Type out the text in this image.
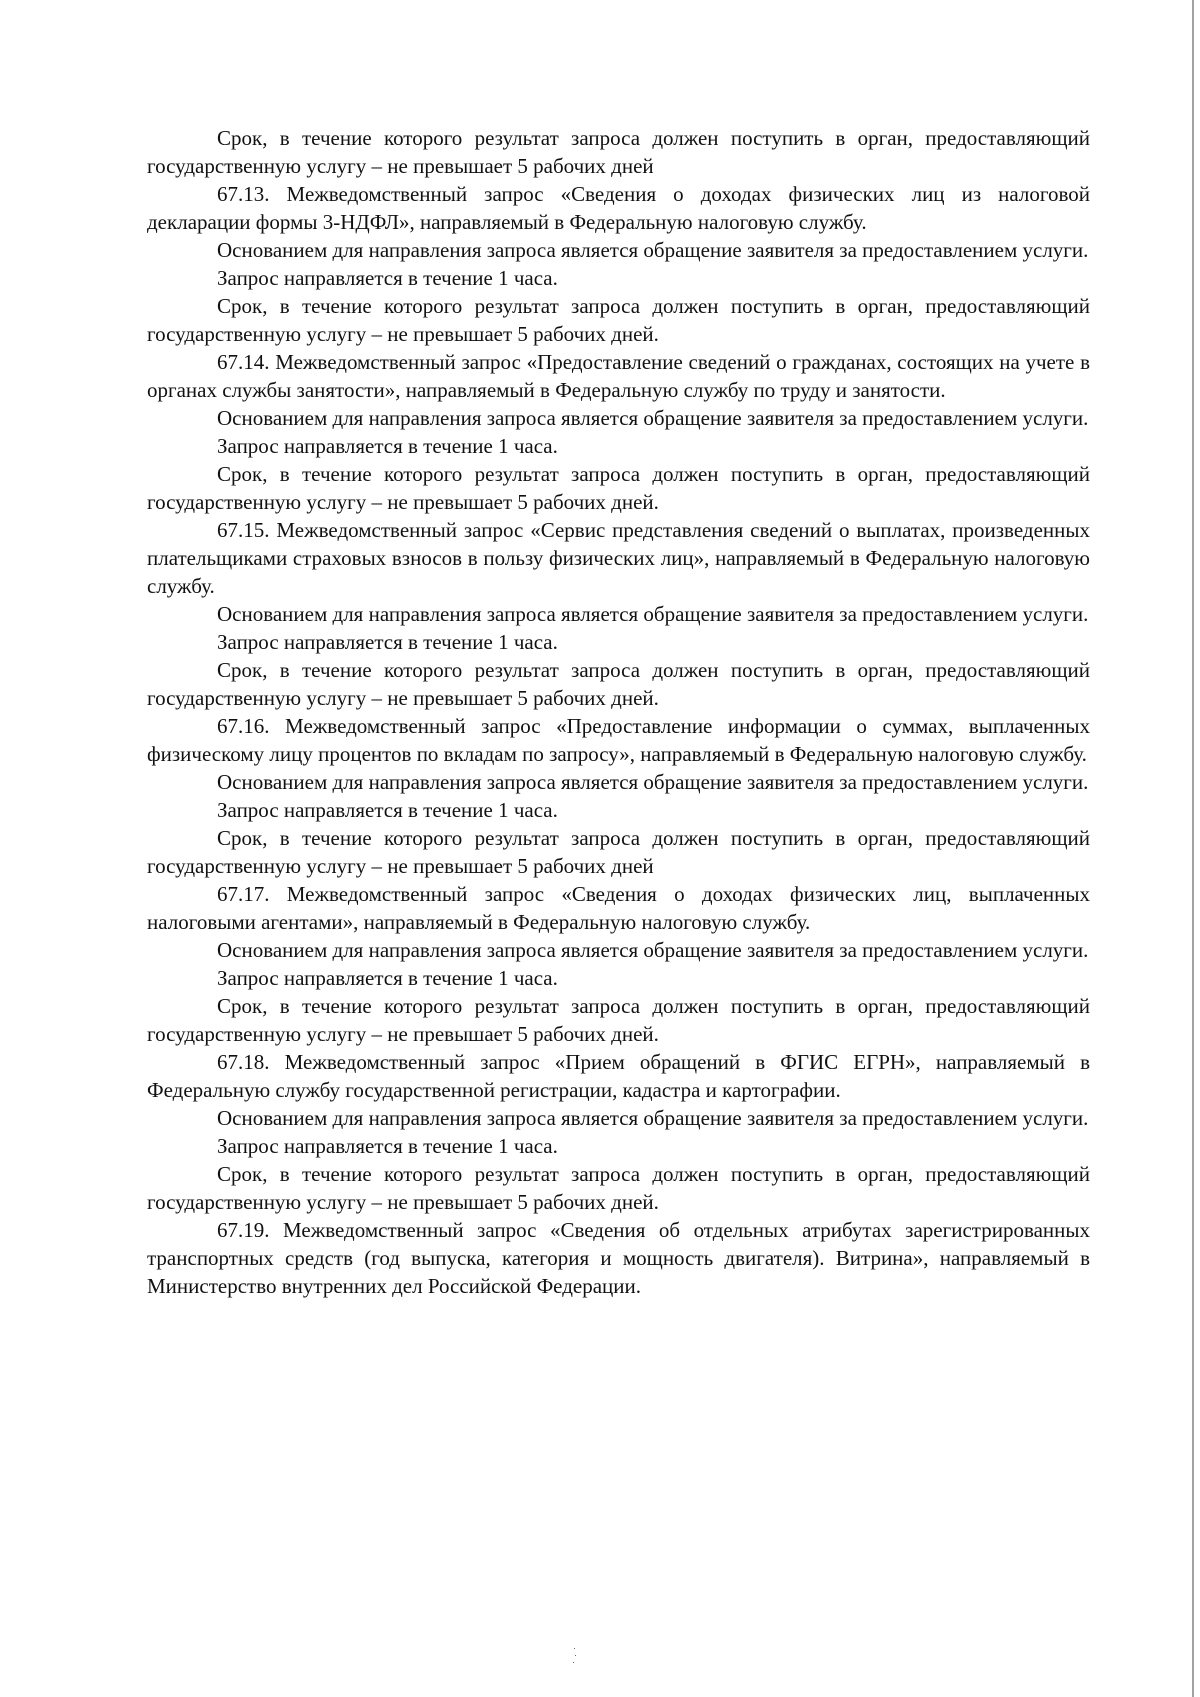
Срок, в течение которого результат запроса должен поступить в орган, предоставляющий государственную услугу – не превышает 5 рабочих дней

67.13. Межведомственный запрос «Сведения о доходах физических лиц из налоговой декларации формы 3-НДФЛ», направляемый в Федеральную налоговую службу.

Основанием для направления запроса является обращение заявителя за предоставлением услуги.

Запрос направляется в течение 1 часа.

Срок, в течение которого результат запроса должен поступить в орган, предоставляющий государственную услугу – не превышает 5 рабочих дней.

67.14. Межведомственный запрос «Предоставление сведений о гражданах, состоящих на учете в органах службы занятости», направляемый в Федеральную службу по труду и занятости.

Основанием для направления запроса является обращение заявителя за предоставлением услуги.

Запрос направляется в течение 1 часа.

Срок, в течение которого результат запроса должен поступить в орган, предоставляющий государственную услугу – не превышает 5 рабочих дней.

67.15. Межведомственный запрос «Сервис представления сведений о выплатах, произведенных плательщиками страховых взносов в пользу физических лиц», направляемый в Федеральную налоговую службу.

Основанием для направления запроса является обращение заявителя за предоставлением услуги.

Запрос направляется в течение 1 часа.

Срок, в течение которого результат запроса должен поступить в орган, предоставляющий государственную услугу – не превышает 5 рабочих дней.

67.16. Межведомственный запрос «Предоставление информации о суммах, выплаченных физическому лицу процентов по вкладам по запросу», направляемый в Федеральную налоговую службу.

Основанием для направления запроса является обращение заявителя за предоставлением услуги.

Запрос направляется в течение 1 часа.

Срок, в течение которого результат запроса должен поступить в орган, предоставляющий государственную услугу – не превышает 5 рабочих дней

67.17. Межведомственный запрос «Сведения о доходах физических лиц, выплаченных налоговыми агентами», направляемый в Федеральную налоговую службу.

Основанием для направления запроса является обращение заявителя за предоставлением услуги.

Запрос направляется в течение 1 часа.

Срок, в течение которого результат запроса должен поступить в орган, предоставляющий государственную услугу – не превышает 5 рабочих дней.

67.18. Межведомственный запрос «Прием обращений в ФГИС ЕГРН», направляемый в Федеральную службу государственной регистрации, кадастра и картографии.

Основанием для направления запроса является обращение заявителя за предоставлением услуги.

Запрос направляется в течение 1 часа.

Срок, в течение которого результат запроса должен поступить в орган, предоставляющий государственную услугу – не превышает 5 рабочих дней.

67.19. Межведомственный запрос «Сведения об отдельных атрибутах зарегистрированных транспортных средств (год выпуска, категория и мощность двигателя). Витрина», направляемый в Министерство внутренних дел Российской Федерации.
